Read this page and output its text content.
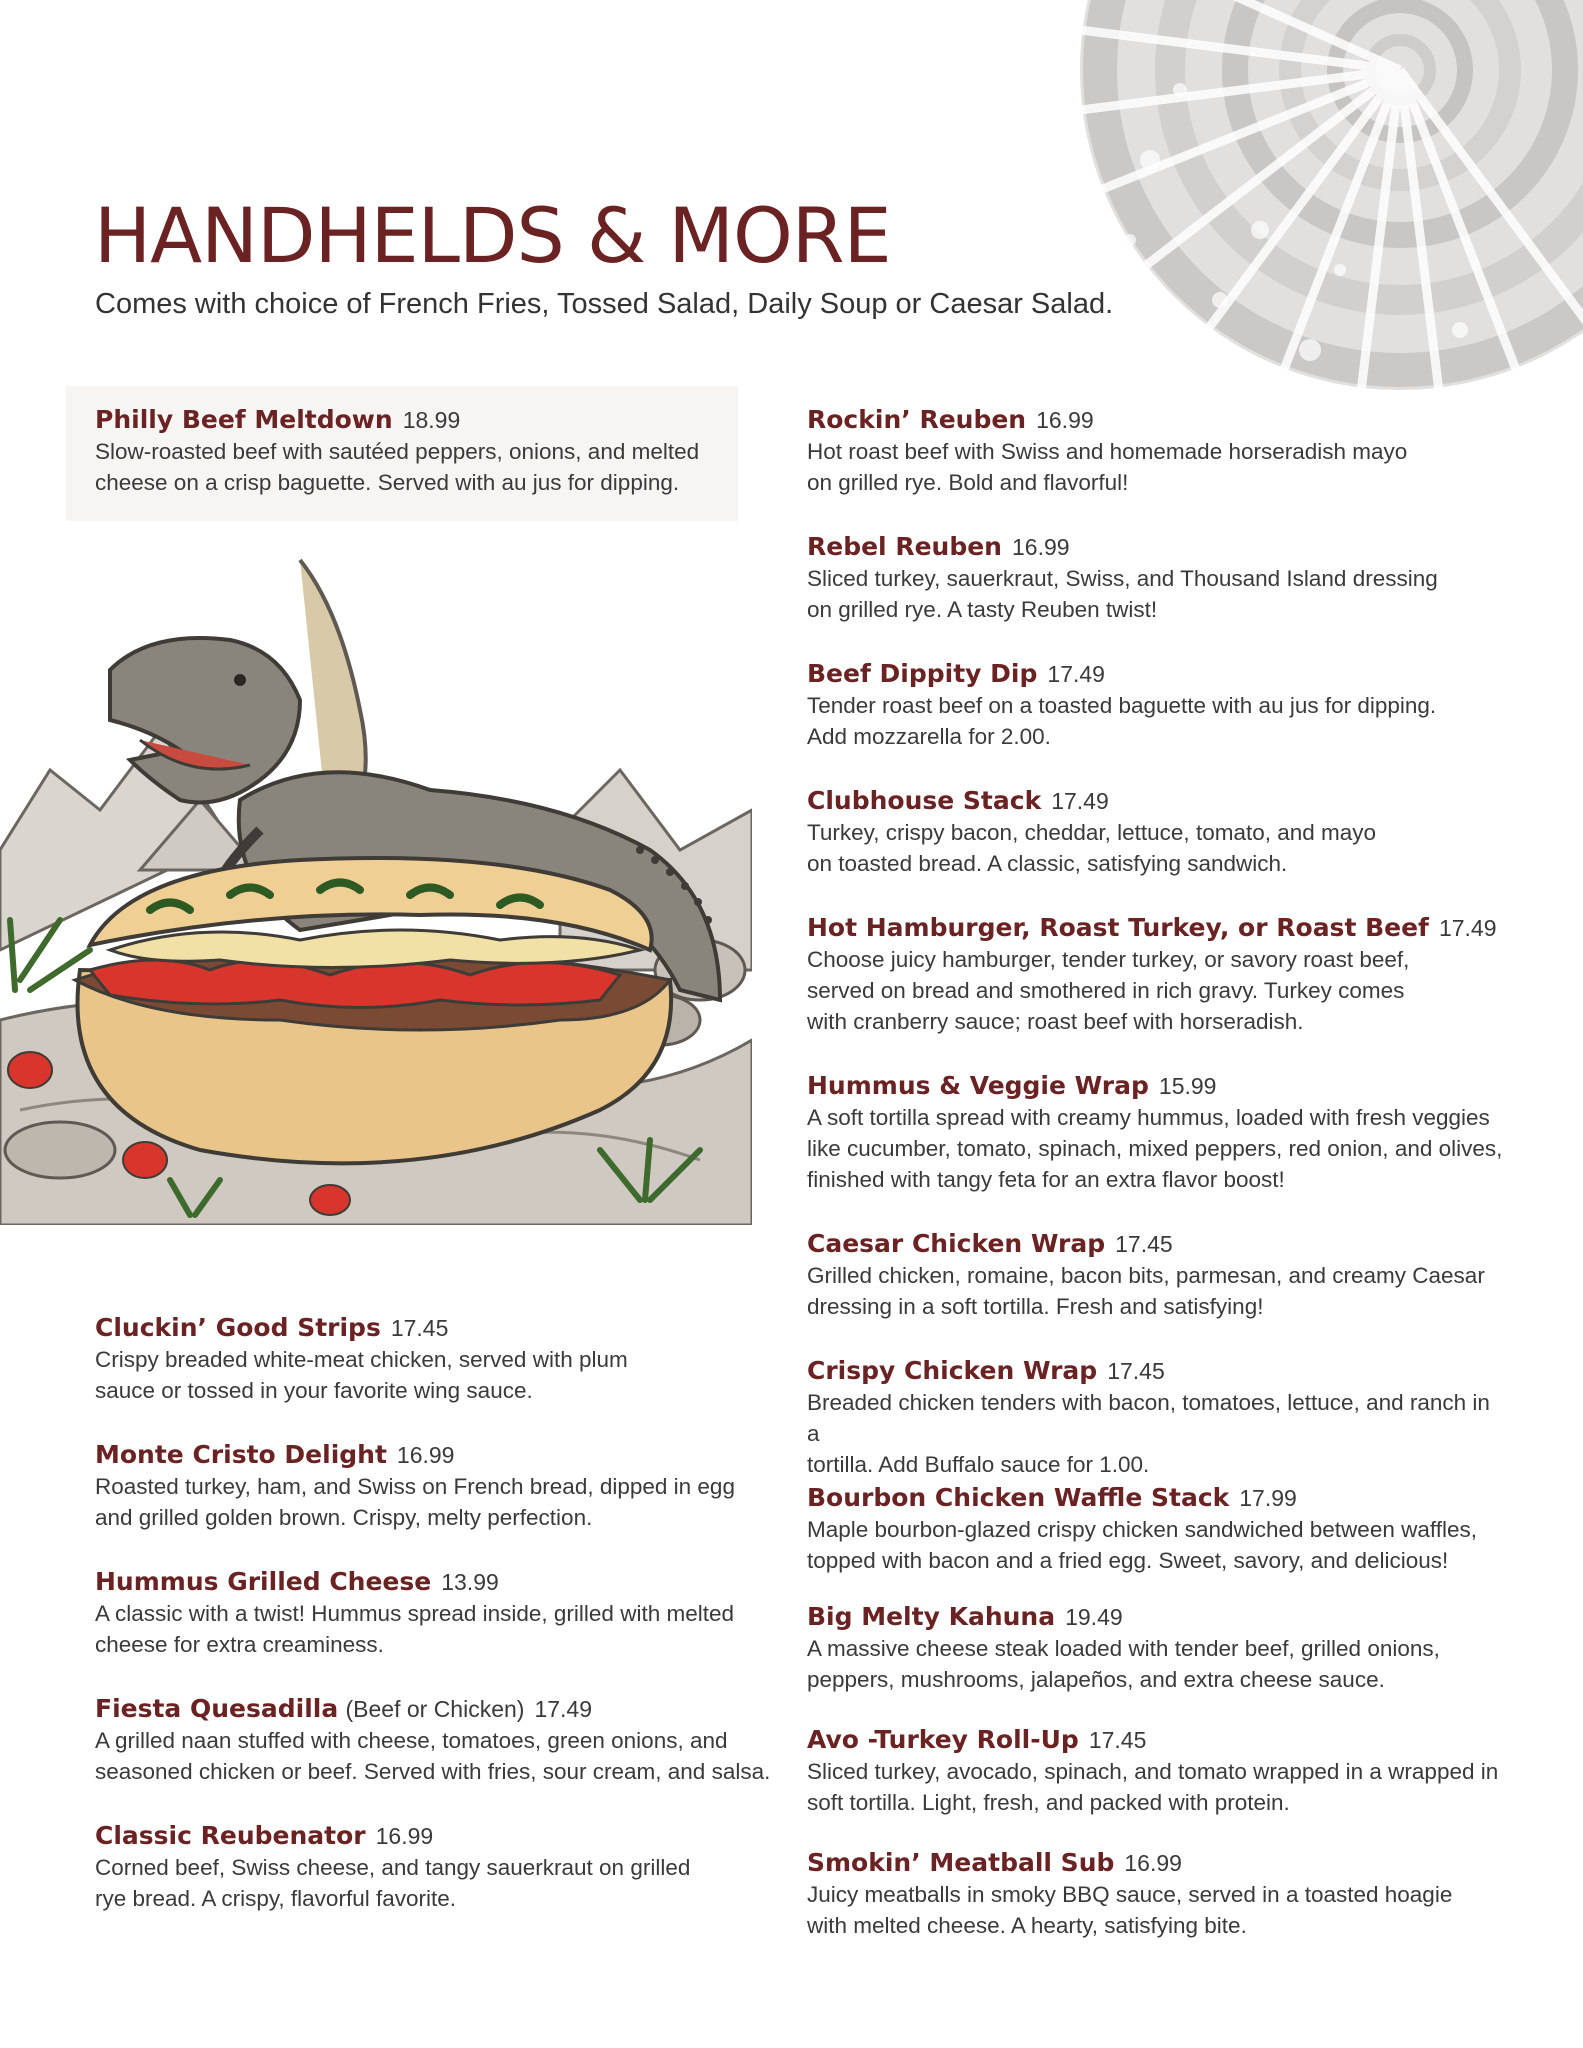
HANDHELDS & MORE

Comes with choice of French Fries, Tossed Salad, Daily Soup or Caesar Salad.

Philly Beef Meltdown 18.99
Slow-roasted beef with sautéed peppers, onions, and melted
cheese on a crisp baguette. Served with au jus for dipping.
Cluckin’ Good Strips 17.45
Crispy breaded white-meat chicken, served with plum
sauce or tossed in your favorite wing sauce.
Monte Cristo Delight 16.99
Roasted turkey, ham, and Swiss on French bread, dipped in egg
and grilled golden brown. Crispy, melty perfection.
Hummus Grilled Cheese 13.99
A classic with a twist! Hummus spread inside, grilled with melted
cheese for extra creaminess.
Fiesta Quesadilla (Beef or Chicken) 17.49
A grilled naan stuffed with cheese, tomatoes, green onions, and
seasoned chicken or beef. Served with fries, sour cream, and salsa.
Classic Reubenator 16.99
Corned beef, Swiss cheese, and tangy sauerkraut on grilled
rye bread. A crispy, flavorful favorite.
Rockin’ Reuben 16.99
Hot roast beef with Swiss and homemade horseradish mayo
on grilled rye. Bold and flavorful!
Rebel Reuben 16.99
Sliced turkey, sauerkraut, Swiss, and Thousand Island dressing
on grilled rye. A tasty Reuben twist!
Beef Dippity Dip 17.49
Tender roast beef on a toasted baguette with au jus for dipping.
Add mozzarella for 2.00.
Clubhouse Stack 17.49
Turkey, crispy bacon, cheddar, lettuce, tomato, and mayo
on toasted bread. A classic, satisfying sandwich.
Hot Hamburger, Roast Turkey, or Roast Beef 17.49
Choose juicy hamburger, tender turkey, or savory roast beef,
served on bread and smothered in rich gravy. Turkey comes
with cranberry sauce; roast beef with horseradish.
Hummus & Veggie Wrap 15.99
A soft tortilla spread with creamy hummus, loaded with fresh veggies
like cucumber, tomato, spinach, mixed peppers, red onion, and olives,
finished with tangy feta for an extra flavor boost!
Caesar Chicken Wrap 17.45
Grilled chicken, romaine, bacon bits, parmesan, and creamy Caesar
dressing in a soft tortilla. Fresh and satisfying!
Crispy Chicken Wrap 17.45
Breaded chicken tenders with bacon, tomatoes, lettuce, and ranch in a
tortilla. Add Buffalo sauce for 1.00.
Bourbon Chicken Waffle Stack 17.99
Maple bourbon-glazed crispy chicken sandwiched between waffles,
topped with bacon and a fried egg. Sweet, savory, and delicious!
Big Melty Kahuna 19.49
A massive cheese steak loaded with tender beef, grilled onions,
peppers, mushrooms, jalapeños, and extra cheese sauce.
Avo -Turkey Roll-Up 17.45
Sliced turkey, avocado, spinach, and tomato wrapped in a wrapped in
soft tortilla. Light, fresh, and packed with protein.
Smokin’ Meatball Sub 16.99
Juicy meatballs in smoky BBQ sauce, served in a toasted hoagie
with melted cheese. A hearty, satisfying bite.
